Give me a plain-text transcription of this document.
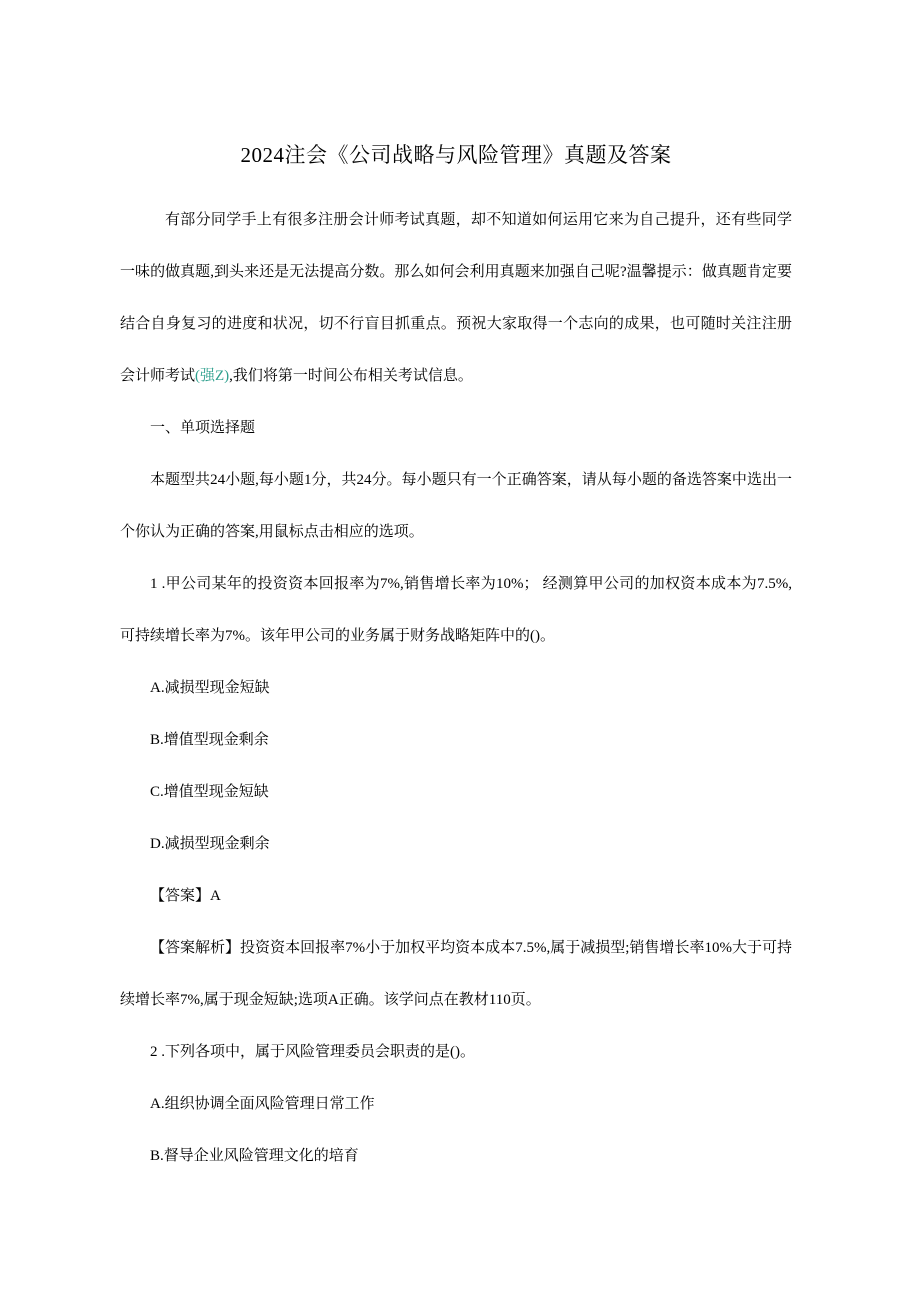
2024注会《公司战略与风险管理》真题及答案

有部分同学手上有很多注册会计师考试真题，却不知道如何运用它来为自己提升，还有些同学一味的做真题,到头来还是无法提高分数。那么如何会利用真题来加强自己呢?温馨提示：做真题肯定要结合自身复习的进度和状况，切不行盲目抓重点。预祝大家取得一个志向的成果，也可随时关注注册会计师考试(强Z),我们将第一时间公布相关考试信息。

一、单项选择题

本题型共24小题,每小题1分，共24分。每小题只有一个正确答案，请从每小题的备选答案中选出一个你认为正确的答案,用鼠标点击相应的选项。

1 .甲公司某年的投资资本回报率为7%,销售增长率为10%； 经测算甲公司的加权资本成本为7.5%,可持续增长率为7%。该年甲公司的业务属于财务战略矩阵中的()。

A.减损型现金短缺

B.增值型现金剩余

C.增值型现金短缺

D.减损型现金剩余

【答案】A

【答案解析】投资资本回报率7%小于加权平均资本成本7.5%,属于减损型;销售增长率10%大于可持续增长率7%,属于现金短缺;选项A正确。该学问点在教材110页。

2 .下列各项中，属于风险管理委员会职责的是()。

A.组织协调全面风险管理日常工作

B.督导企业风险管理文化的培育
